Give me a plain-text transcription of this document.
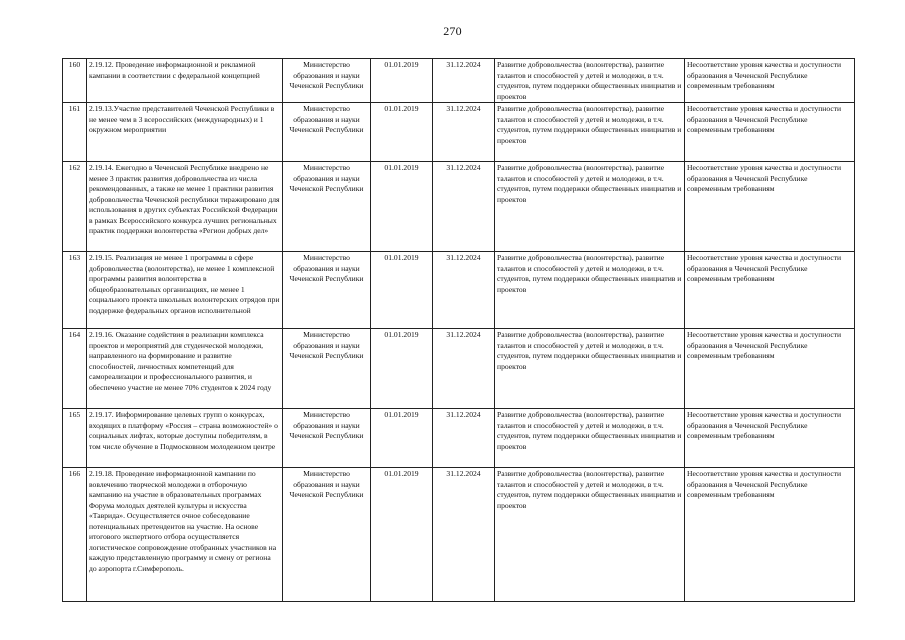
270
160	2.19.12. Проведение информационной и рекламной кампании в соответствии с федеральной концепцией	Министерство образования и науки Чеченской Республики	01.01.2019	31.12.2024	Развитие добровольчества (волонтерства), развитие талантов и способностей у детей и молодежи, в т.ч. студентов, путем поддержки общественных инициатив и проектов	Несоответствие уровня качества и доступности образования в Чеченской Республике современным требованиям
161	2.19.13.Участие представителей Чеченской Республики в не менее чем в 3 всероссийских (международных) и 1 окружном мероприятии	Министерство образования и науки Чеченской Республики	01.01.2019	31.12.2024	Развитие добровольчества (волонтерства), развитие талантов и способностей у детей и молодежи, в т.ч. студентов, путем поддержки общественных инициатив и проектов	Несоответствие уровня качества и доступности образования в Чеченской Республике современным требованиям
162	2.19.14. Ежегодно в Чеченской Республике внедрено не менее 3 практик развития добровольчества из числа рекомендованных, а также не менее 1 практики развития добровольчества Чеченской республики тиражировано для использования в других субъектах Российской Федерации в рамках Всероссийского конкурса лучших региональных практик поддержки волонтерства «Регион добрых дел»	Министерство образования и науки Чеченской Республики	01.01.2019	31.12.2024	Развитие добровольчества (волонтерства), развитие талантов и способностей у детей и молодежи, в т.ч. студентов, путем поддержки общественных инициатив и проектов	Несоответствие уровня качества и доступности образования в Чеченской Республике современным требованиям
163	2.19.15. Реализация не менее 1 программы в сфере добровольчества (волонтерства), не менее 1 комплексной программы развития волонтерства в общеобразовательных организациях, не менее 1 социального проекта школьных волонтерских отрядов при поддержке федеральных органов исполнительной	Министерство образования и науки Чеченской Республики	01.01.2019	31.12.2024	Развитие добровольчества (волонтерства), развитие талантов и способностей у детей и молодежи, в т.ч. студентов, путем поддержки общественных инициатив и проектов	Несоответствие уровня качества и доступности образования в Чеченской Республике современным требованиям
164	2.19.16. Оказание содействия в реализации комплекса проектов и мероприятий для студенческой молодежи, направленного на формирование и развитие способностей, личностных компетенций для самореализации и профессионального развития, и обеспечено участие не менее 70% студентов к 2024 году	Министерство образования и науки Чеченской Республики	01.01.2019	31.12.2024	Развитие добровольчества (волонтерства), развитие талантов и способностей у детей и молодежи, в т.ч. студентов, путем поддержки общественных инициатив и проектов	Несоответствие уровня качества и доступности образования в Чеченской Республике современным требованиям
165	2.19.17. Информирование целевых групп о конкурсах, входящих в платформу «Россия – страна возможностей» о социальных лифтах, которые доступны победителям, в том числе обучение в Подмосковном молодежном центре	Министерство образования и науки Чеченской Республики	01.01.2019	31.12.2024	Развитие добровольчества (волонтерства), развитие талантов и способностей у детей и молодежи, в т.ч. студентов, путем поддержки общественных инициатив и проектов	Несоответствие уровня качества и доступности образования в Чеченской Республике современным требованиям
166	2.19.18. Проведение информационной кампании по вовлечению творческой молодежи в отборочную кампанию на участие в образовательных программах Форума молодых деятелей культуры и искусства «Таврида». Осуществляется очное собеседование потенциальных претендентов на участие. На основе итогового экспертного отбора осуществляется логистическое сопровождение отобранных участников на каждую представленную программу и смену от региона до аэропорта г.Симферополь.	Министерство образования и науки Чеченской Республики	01.01.2019	31.12.2024	Развитие добровольчества (волонтерства), развитие талантов и способностей у детей и молодежи, в т.ч. студентов, путем поддержки общественных инициатив и проектов	Несоответствие уровня качества и доступности образования в Чеченской Республике современным требованиям
